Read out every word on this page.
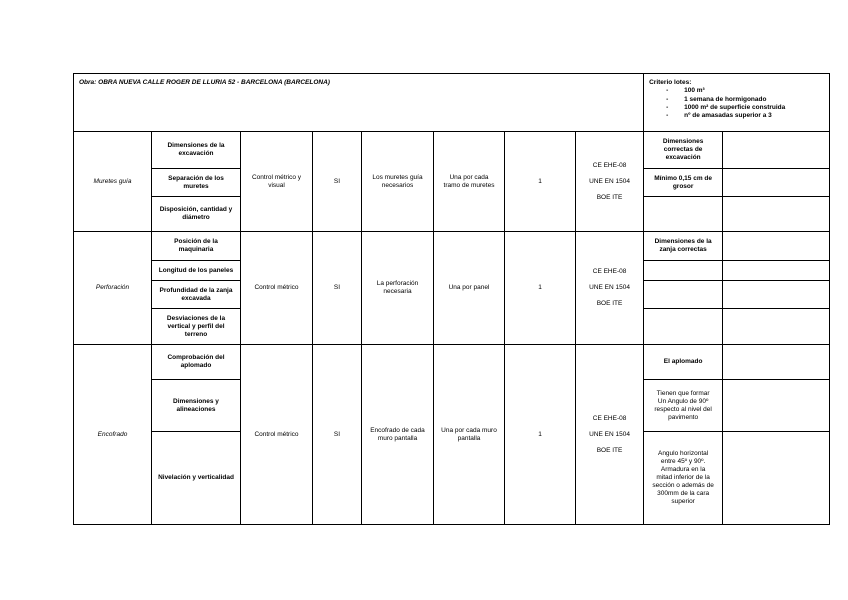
Obra: OBRA NUEVA CALLE ROGER DE LLURIA 52 - BARCELONA (BARCELONA)								Criterio lotes:
- 100 m³
- 1 semana de hormigonado
- 1000 m² de superficie construida
- nº de amasadas superior a 3	

Muretes guía	Dimensiones de la excavación	Control métrico y visual	SI	Los muretes guía necesarios	Una por cada tramo de muretes	1	CE EHE-08
UNE EN 1504
BOE ITE	Dimensiones correctas de excavación	
	Separación de los muretes							Mínimo 0,15 cm de grosor	
	Disposición, cantidad y diámetro								
Perforación	Posición de la maquinaria	Control métrico	SI	La perforación necesaria	Una por panel	1	CE EHE-08
UNE EN 1504
BOE ITE	Dimensiones de la zanja correctas	
	Longitud de los paneles								
	Profundidad de la zanja excavada								
	Desviaciones de la vertical y perfil del terreno								
Encofrado	Comprobación del aplomado	Control métrico	SI	Encofrado de cada muro pantalla	Una por cada muro pantalla	1	CE EHE-08
UNE EN 1504
BOE ITE	El aplomado	
	Dimensiones y alineaciones							Tienen que formar Un Angulo de 90º respecto al nivel del pavimento	
	Nivelación y verticalidad							Angulo horizontal entre 45º y 90º. Armadura en la mitad inferior de la sección o además de 300mm de la cara superior	
